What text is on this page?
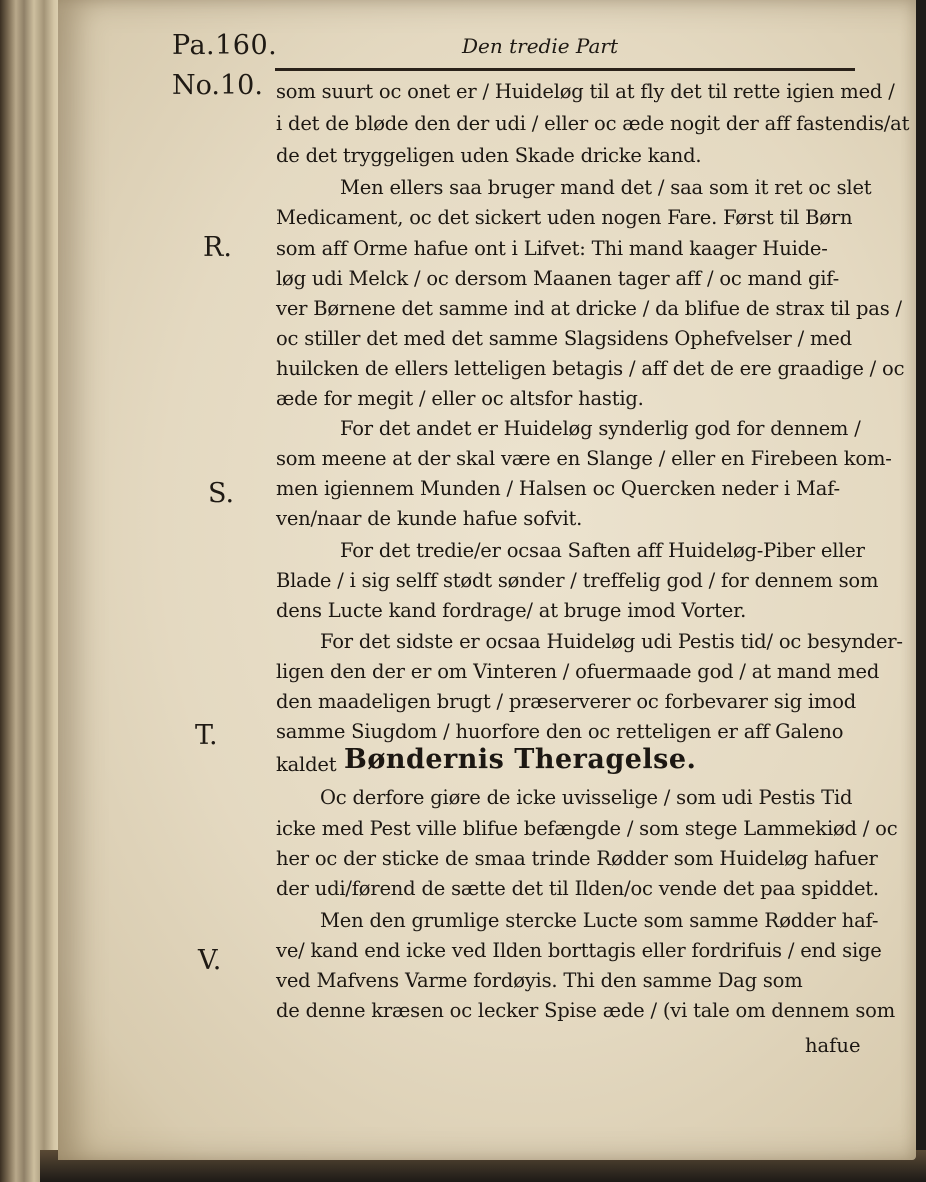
Pa.160.	Den tredie Part
No.10.
R.
S.
T.
V.
som suurt oc onet er / Huideløg til at fly det til rette igien med /
i det de bløde den der udi / eller oc æde nogit der aff fastendis/at
de det tryggeligen uden Skade dricke kand.
Men ellers saa bruger mand det / saa som it ret oc slet
Medicament, oc det sickert uden nogen Fare. Først til Børn
som aff Orme hafue ont i Lifvet: Thi mand kaager Huide-
løg udi Melck / oc dersom Maanen tager aff / oc mand gif-
ver Børnene det samme ind at dricke / da blifue de strax til pas /
oc stiller det med det samme Slagsidens Ophefvelser / med
huilcken de ellers letteligen betagis / aff det de ere graadige / oc
æde for megit / eller oc altsfor hastig.
For det andet er Huideløg synderlig god for dennem /
som meene at der skal være en Slange / eller en Firebeen kom-
men igiennem Munden / Halsen oc Quercken neder i Maf-
ven/naar de kunde hafue sofvit.
For det tredie/er ocsaa Saften aff Huideløg-Piber eller
Blade / i sig selff stødt sønder / treffelig god / for dennem som
dens Lucte kand fordrage/ at bruge imod Vorter.
For det sidste er ocsaa Huideløg udi Pestis tid/ oc besynder-
ligen den der er om Vinteren / ofuermaade god / at mand med
den maadeligen brugt / præserverer oc forbevarer sig imod
samme Siugdom / huorfore den oc retteligen er aff Galeno
kaldet Bøndernis Theragelse.
Oc derfore giøre de icke uvisselige / som udi Pestis Tid
icke med Pest ville blifue befængde / som stege Lammekiød / oc
her oc der sticke de smaa trinde Rødder som Huideløg hafuer
der udi/førend de sætte det til Ilden/oc vende det paa spiddet.
Men den grumlige stercke Lucte som samme Rødder haf-
ve/ kand end icke ved Ilden borttagis eller fordrifuis / end sige
ved Mafvens Varme fordøyis. Thi den samme Dag som
de denne kræsen oc lecker Spise æde / (vi tale om dennem som
hafue
